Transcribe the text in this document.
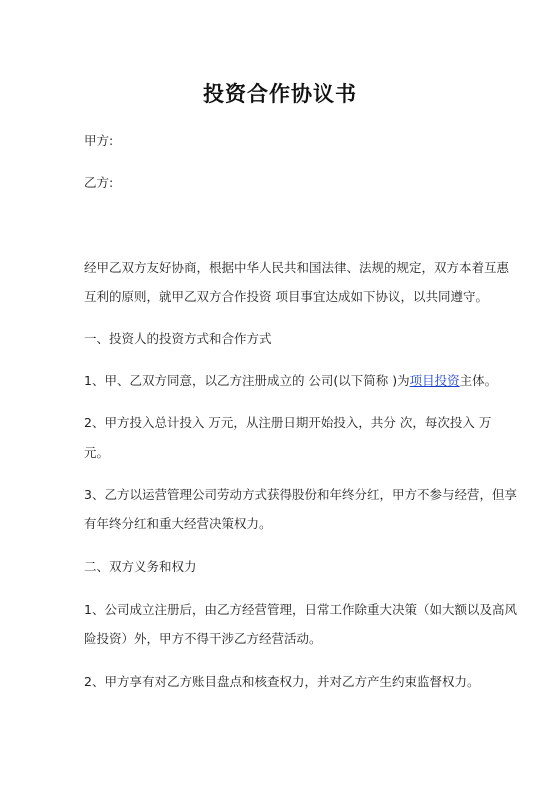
投资合作协议书
甲方:
乙方:
经甲乙双方友好协商，根据中华人民共和国法律、法规的规定，双方本着互惠
互利的原则，就甲乙双方合作投资 项目事宜达成如下协议，以共同遵守。
一、投资人的投资方式和合作方式
1、甲、乙双方同意，以乙方注册成立的 公司(以下简称 )为项目投资主体。
2、甲方投入总计投入 万元，从注册日期开始投入，共分 次，每次投入 万
元。
3、乙方以运营管理公司劳动方式获得股份和年终分红，甲方不参与经营，但享
有年终分红和重大经营决策权力。
二、双方义务和权力
1、公司成立注册后，由乙方经营管理，日常工作除重大决策（如大额以及高风
险投资）外，甲方不得干涉乙方经营活动。
2、甲方享有对乙方账目盘点和核查权力，并对乙方产生约束监督权力。
